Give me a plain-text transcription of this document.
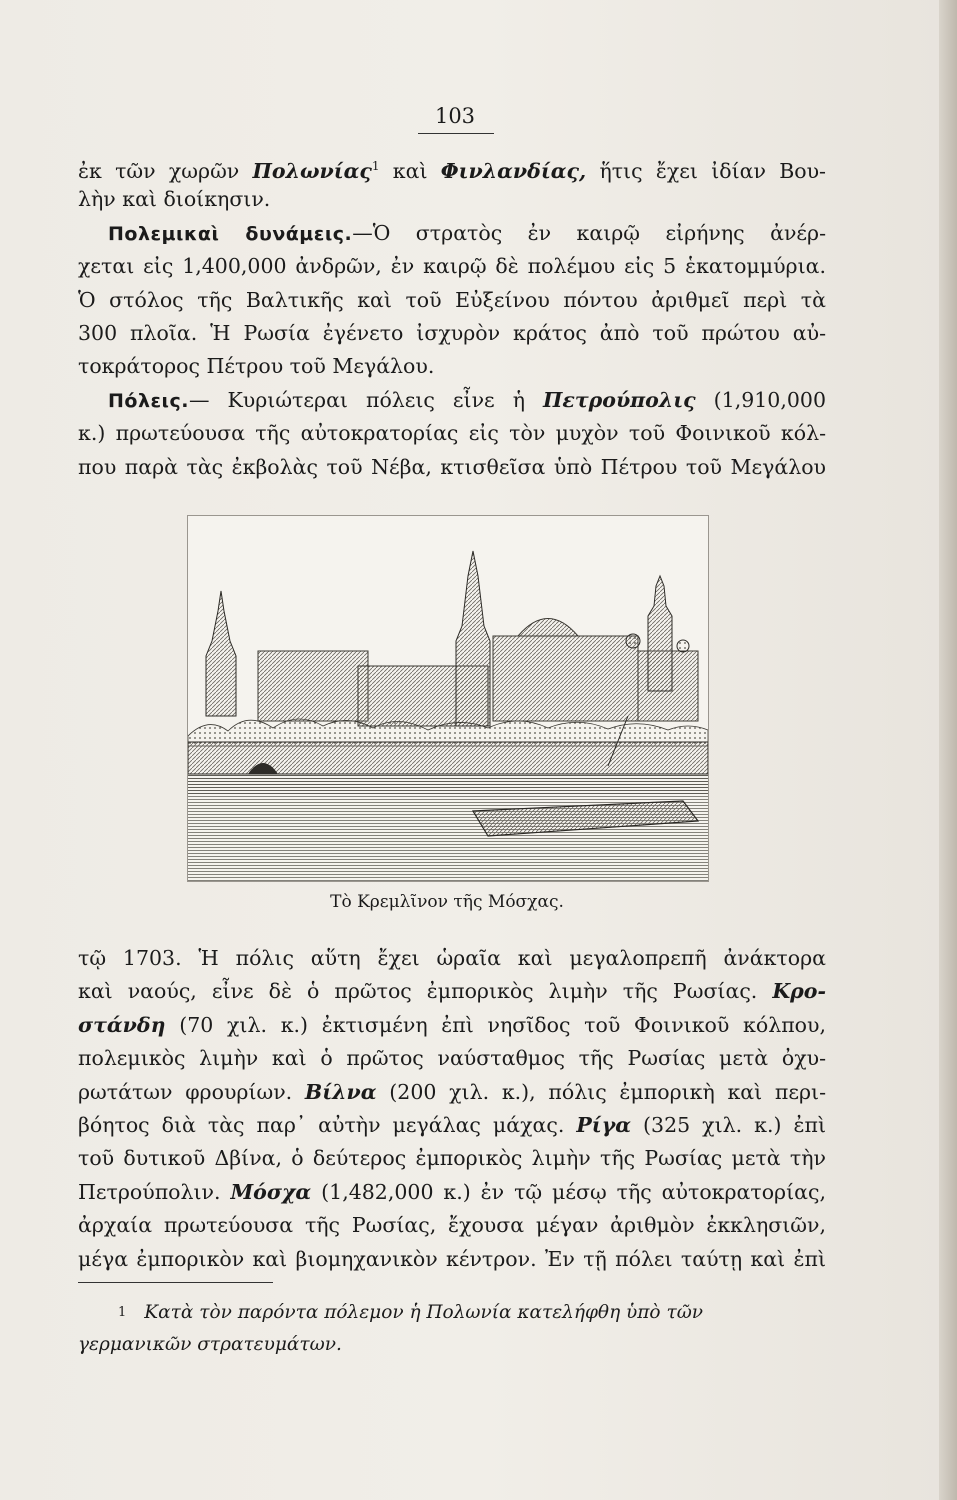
103
ἐκ τῶν χωρῶν Πολωνίας$^1$ καὶ Φινλανδίας, ἥτις ἔχει ἰδίαν Βου-
λὴν καὶ διοίκησιν.
Πολεμικαὶ δυνάμεις.—Ὁ στρατὸς ἐν καιρῷ εἰρήνης ἀνέρ-
χεται εἰς 1,400,000 ἀνδρῶν, ἐν καιρῷ δὲ πολέμου εἰς 5 ἑκατομμύρια.
Ὁ στόλος τῆς Βαλτικῆς καὶ τοῦ Εὐξείνου πόντου ἀριθμεῖ περὶ τὰ
300 πλοῖα. Ἡ Ρωσία ἐγένετο ἰσχυρὸν κράτος ἀπὸ τοῦ πρώτου αὐ-
τοκράτορος Πέτρου τοῦ Μεγάλου.
Πόλεις.— Κυριώτεραι πόλεις εἶνε ἡ Πετρούπολις (1,910,000
κ.) πρωτεύουσα τῆς αὐτοκρατορίας εἰς τὸν μυχὸν τοῦ Φοινικοῦ κόλ-
που παρὰ τὰς ἐκβολὰς τοῦ Νέβα, κτισθεῖσα ὑπὸ Πέτρου τοῦ Μεγάλου
Τὸ Κρεμλῖνον τῆς Μόσχας.
τῷ 1703. Ἡ πόλις αὕτη ἔχει ὡραῖα καὶ μεγαλοπρεπῆ ἀνάκτορα
καὶ ναούς, εἶνε δὲ ὁ πρῶτος ἐμπορικὸς λιμὴν τῆς Ρωσίας. Κρο-
στάνδη (70 χιλ. κ.) ἐκτισμένη ἐπὶ νησῖδος τοῦ Φοινικοῦ κόλπου,
πολεμικὸς λιμὴν καὶ ὁ πρῶτος ναύσταθμος τῆς Ρωσίας μετὰ ὀχυ-
ρωτάτων φρουρίων. Βίλνα (200 χιλ. κ.), πόλις ἐμπορικὴ καὶ περι-
βόητος διὰ τὰς παρ᾽ αὐτὴν μεγάλας μάχας. Ρίγα (325 χιλ. κ.) ἐπὶ
τοῦ δυτικοῦ Δβίνα, ὁ δεύτερος ἐμπορικὸς λιμὴν τῆς Ρωσίας μετὰ τὴν
Πετρούπολιν. Μόσχα (1,482,000 κ.) ἐν τῷ μέσῳ τῆς αὐτοκρατορίας,
ἀρχαία πρωτεύουσα τῆς Ρωσίας, ἔχουσα μέγαν ἀριθμὸν ἐκκλησιῶν,
μέγα ἐμπορικὸν καὶ βιομηχανικὸν κέντρον. Ἐν τῇ πόλει ταύτῃ καὶ ἐπὶ
$^1$ Κατὰ τὸν παρόντα πόλεμον ἡ Πολωνία κατελήφθη ὑπὸ τῶν
γερμανικῶν στρατευμάτων.
